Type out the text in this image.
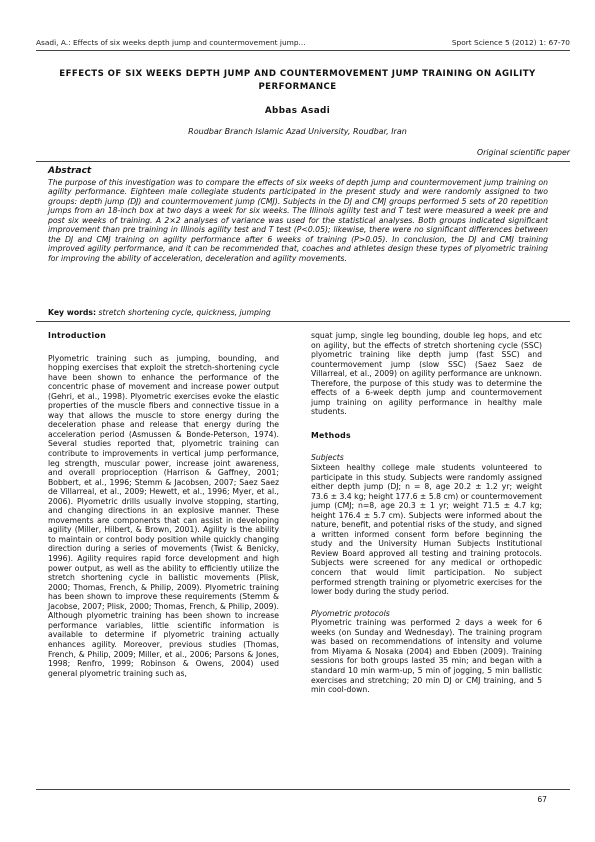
Asadi, A.: Effects of six weeks depth jump and countermovement jump...	Sport Science 5 (2012) 1: 67-70
EFFECTS OF SIX WEEKS DEPTH JUMP AND COUNTERMOVEMENT JUMP TRAINING ON AGILITY PERFORMANCE
Abbas Asadi
Roudbar Branch Islamic Azad University, Roudbar, Iran
Original scientific paper
Abstract
The purpose of this investigation was to compare the effects of six weeks of depth jump and countermovement jump training on agility performance. Eighteen male collegiate students participated in the present study and were randomly assigned to two groups: depth jump (DJ) and countermovement jump (CMJ). Subjects in the DJ and CMJ groups performed 5 sets of 20 repetition jumps from an 18-inch box at two days a week for six weeks. The Illinois agility test and T test were measured a week pre and post six weeks of training. A 2×2 analyses of variance was used for the statistical analyses. Both groups indicated significant improvement than pre training in Illinois agility test and T test (P<0.05); likewise, there were no significant differences between the DJ and CMJ training on agility performance after 6 weeks of training (P>0.05). In conclusion, the DJ and CMJ training improved agility performance, and it can be recommended that, coaches and athletes design these types of plyometric training for improving the ability of acceleration, deceleration and agility movements.
Key words: stretch shortening cycle, quickness, jumping

Introduction

Plyometric training such as jumping, bounding, and hopping exercises that exploit the stretch-shortening cycle have been shown to enhance the performance of the concentric phase of movement and increase power output (Gehri, et al., 1998). Plyometric exercises evoke the elastic properties of the muscle fibers and connective tissue in a way that allows the muscle to store energy during the deceleration phase and release that energy during the acceleration period (Asmussen & Bonde-Peterson, 1974). Several studies reported that, plyometric training can contribute to improvements in vertical jump performance, leg strength, muscular power, increase joint awareness, and overall proprioception (Harrison & Gaffney, 2001; Bobbert, et al., 1996; Stemm & Jacobsen, 2007; Saez Saez de Villarreal, et al., 2009; Hewett, et al., 1996; Myer, et al., 2006). Plyometric drills usually involve stopping, starting, and changing directions in an explosive manner. These movements are components that can assist in developing agility (Miller, Hilbert, & Brown, 2001). Agility is the ability to maintain or control body position while quickly changing direction during a series of movements (Twist & Benicky, 1996). Agility requires rapid force development and high power output, as well as the ability to efficiently utilize the stretch shortening cycle in ballistic movements (Plisk, 2000; Thomas, French, & Philip, 2009). Plyometric training has been shown to improve these requirements (Stemm & Jacobse, 2007; Plisk, 2000; Thomas, French, & Philip, 2009). Although plyometric training has been shown to increase performance variables, little scientific information is available to determine if plyometric training actually enhances agility. Moreover, previous studies (Thomas, French, & Philip, 2009; Miller, et al., 2006; Parsons & Jones, 1998; Renfro, 1999; Robinson & Owens, 2004) used general plyometric training such as,

squat jump, single leg bounding, double leg hops, and etc on agility, but the effects of stretch shortening cycle (SSC) plyometric training like depth jump (fast SSC) and countermovement jump (slow SSC) (Saez Saez de Villarreal, et al., 2009) on agility performance are unknown. Therefore, the purpose of this study was to determine the effects of a 6-week depth jump and countermovement jump training on agility performance in healthy male students.

Methods

Subjects

Sixteen healthy college male students volunteered to participate in this study. Subjects were randomly assigned either depth jump (DJ; n = 8, age 20.2 ± 1.2 yr; weight 73.6 ± 3.4 kg; height 177.6 ± 5.8 cm) or countermovement jump (CMJ; n=8, age 20.3 ± 1 yr; weight 71.5 ± 4.7 kg; height 176.4 ± 5.7 cm). Subjects were informed about the nature, benefit, and potential risks of the study, and signed a written informed consent form before beginning the study and the University Human Subjects Institutional Review Board approved all testing and training protocols. Subjects were screened for any medical or orthopedic concern that would limit participation. No subject performed strength training or plyometric exercises for the lower body during the study period.

Plyometric protocols

Plyometric training was performed 2 days a week for 6 weeks (on Sunday and Wednesday). The training program was based on recommendations of intensity and volume from Miyama & Nosaka (2004) and Ebben (2009). Training sessions for both groups lasted 35 min; and began with a standard 10 min warm-up, 5 min of jogging, 5 min ballistic exercises and stretching; 20 min DJ or CMJ training, and 5 min cool-down.

67
